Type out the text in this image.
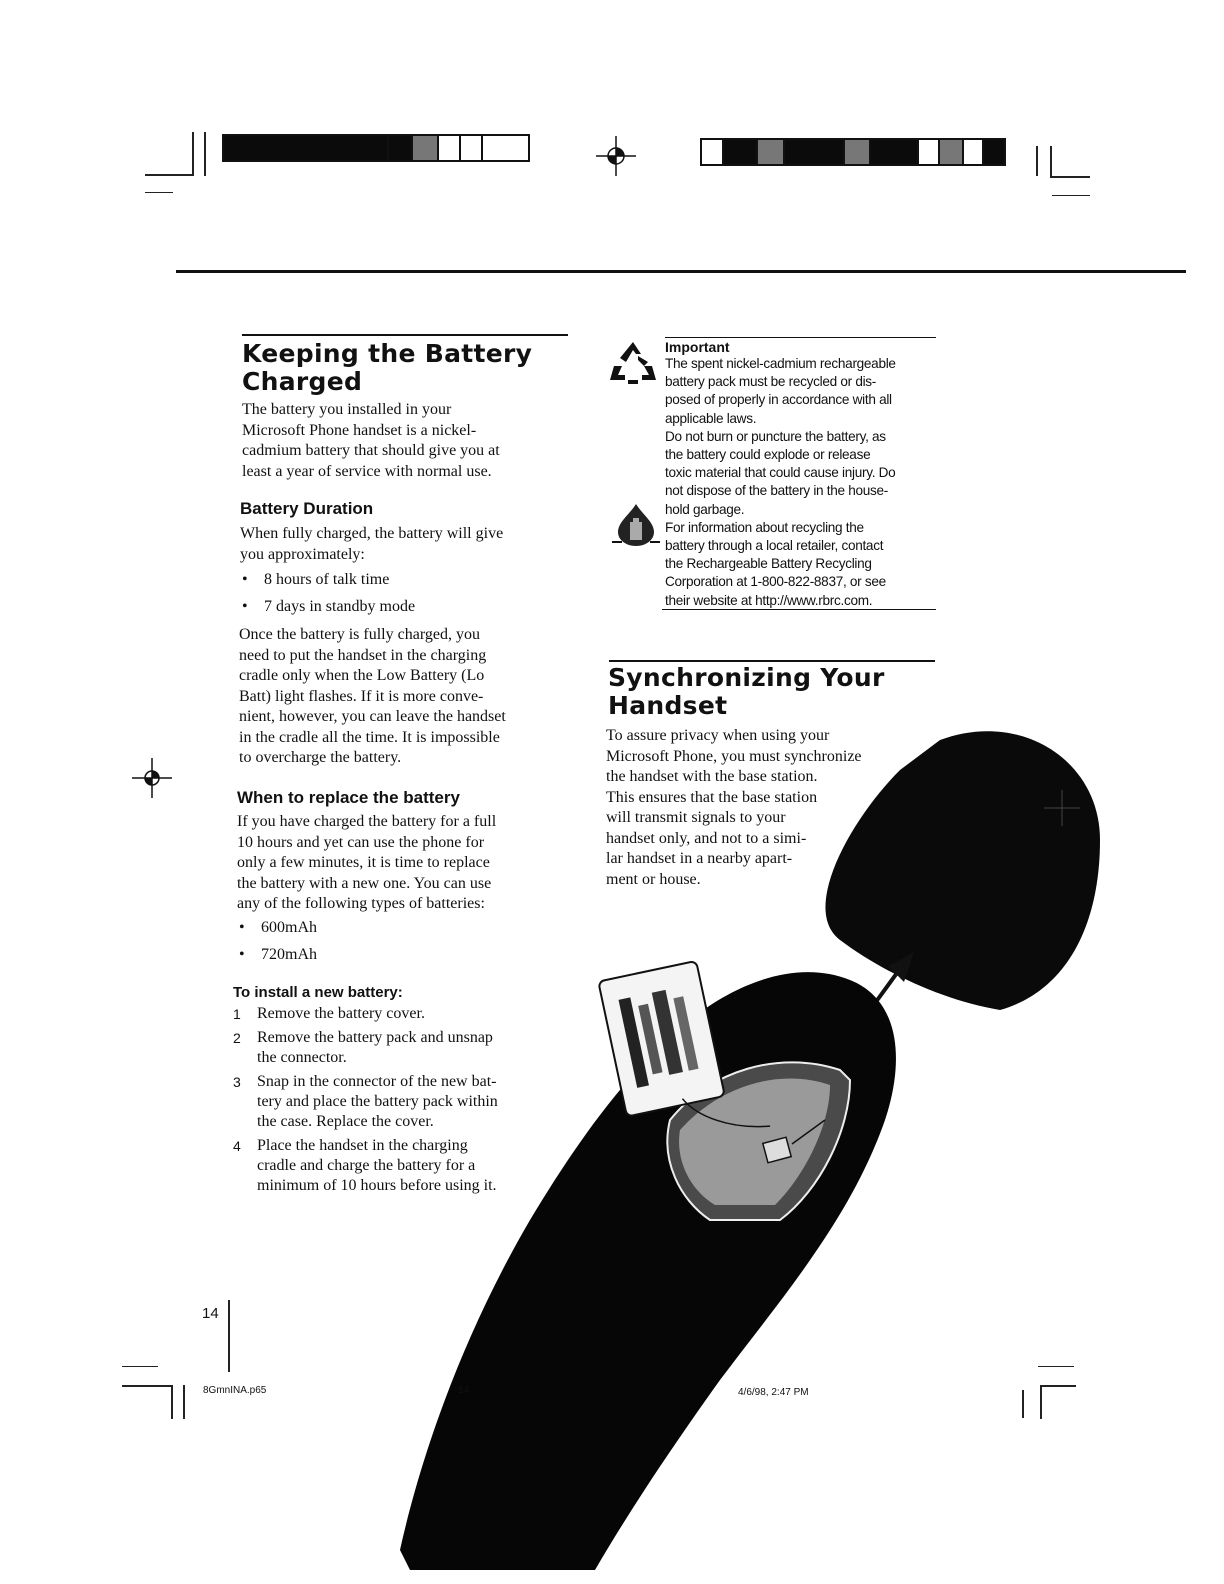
Keeping the Battery
Charged

The battery you installed in your
Microsoft Phone handset is a nickel-
cadmium battery that should give you at
least a year of service with normal use.

Battery Duration

When fully charged, the battery will give
you approximately:

• 8 hours of talk time
• 7 days in standby mode

Once the battery is fully charged, you
need to put the handset in the charging
cradle only when the Low Battery (Lo
Batt) light flashes. If it is more conve-
nient, however, you can leave the handset
in the cradle all the time. It is impossible
to overcharge the battery.

When to replace the battery

If you have charged the battery for a full
10 hours and yet can use the phone for
only a few minutes, it is time to replace
the battery with a new one. You can use
any of the following types of batteries:

• 600mAh
• 720mAh
To install a new battery:
1 Remove the battery cover.
2 Remove the battery pack and unsnap
the connector.
3 Snap in the connector of the new bat-
tery and place the battery pack within
the case. Replace the cover.
4 Place the handset in the charging
cradle and charge the battery for a
minimum of 10 hours before using it.
Important
The spent nickel-cadmium rechargeable
battery pack must be recycled or dis-
posed of properly in accordance with all
applicable laws.
Do not burn or puncture the battery, as
the battery could explode or release
toxic material that could cause injury. Do
not dispose of the battery in the house-
hold garbage.
For information about recycling the
battery through a local retailer, contact
the Rechargeable Battery Recycling
Corporation at 1-800-822-8837, or see
their website at http://www.rbrc.com.
Synchronizing Your
Handset

To assure privacy when using your
Microsoft Phone, you must synchronize
the handset with the base station.
This ensures that the base station
will transmit signals to your
handset only, and not to a simi-
lar handset in a nearby apart-
ment or house.

14
8GmnINA.p65	14	4/6/98, 2:47 PM
